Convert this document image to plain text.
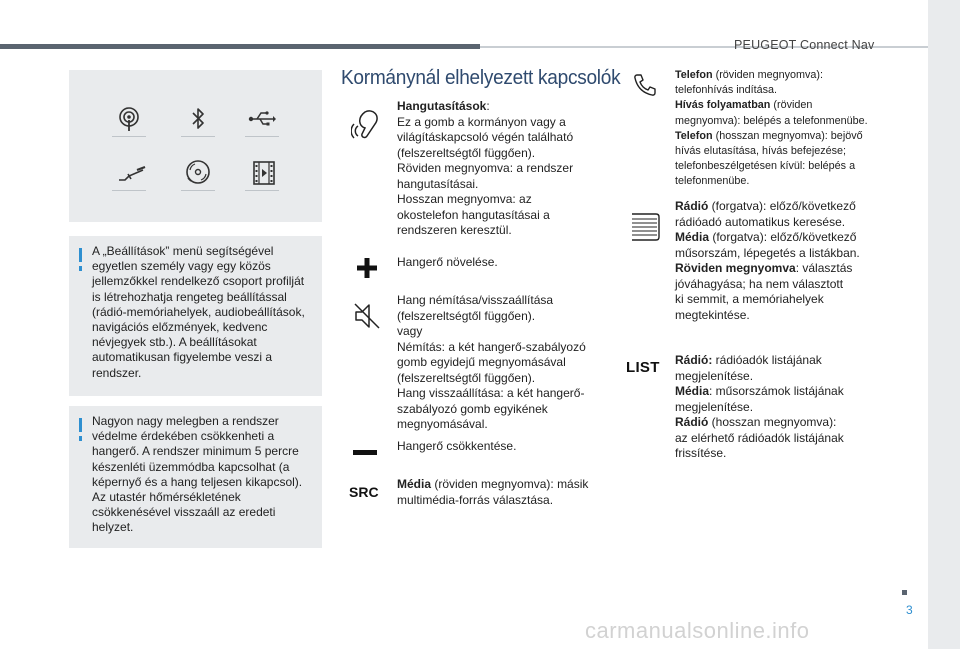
PEUGEOT Connect Nav
3
carmanualsonline.info

A „Beállítások” menü segítségével egyetlen személy vagy egy közös jellemzőkkel rendelkező csoport profilját is létrehozhatja rengeteg beállítással (rádió-memóriahelyek, audiobeállítások, navigációs előzmények, kedvenc névjegyek stb.). A beállításokat automatikusan figyelembe veszi a rendszer.

Nagyon nagy melegben a rendszer védelme érdekében csökkenheti a hangerő. A rendszer minimum 5 percre készenléti üzemmódba kapcsolhat (a képernyő és a hang teljesen kikapcsol). Az utastér hőmérsékletének csökkenésével visszaáll az eredeti helyzet.

Kormánynál elhelyezett kapcsolók
Hangutasítások:
Ez a gomb a kormányon vagy a
világításkapcsoló végén található
(felszereltségtől függően).
Röviden megnyomva: a rendszer
hangutasításai.
Hosszan megnyomva: az
okostelefon hangutasításai a
rendszeren keresztül.
Hangerő növelése.
Hang némítása/visszaállítása
(felszereltségtől függően).
vagy
Némítás: a két hangerő-szabályozó
gomb egyidejű megnyomásával
(felszereltségtől függően).
Hang visszaállítása: a két hangerő-
szabályozó gomb egyikének
megnyomásával.
Hangerő csökkentése.
SRC Média (röviden megnyomva): másik
multimédia-forrás választása.
Telefon (röviden megnyomva):
telefonhívás indítása.
Hívás folyamatban (röviden
megnyomva): belépés a telefonmenübe.
Telefon (hosszan megnyomva): bejövő
hívás elutasítása, hívás befejezése;
telefonbeszélgetésen kívül: belépés a
telefonmenübe.
Rádió (forgatva): előző/következő
rádióadó automatikus keresése.
Média (forgatva): előző/következő
műsorszám, lépegetés a listákban.
Röviden megnyomva: választás
jóváhagyása; ha nem választott
ki semmit, a memóriahelyek
megtekintése.
LIST Rádió: rádióadók listájának
megjelenítése.
Média: műsorszámok listájának
megjelenítése.
Rádió (hosszan megnyomva):
az elérhető rádióadók listájának
frissítése.
